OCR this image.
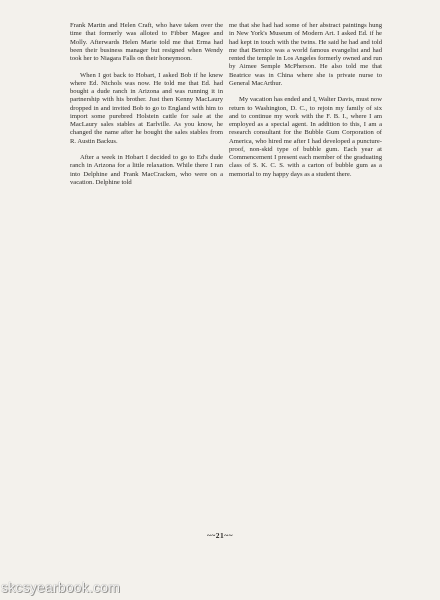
Frank Martin and Helen Craft, who have taken over the time that formerly was alloted to Fibber Magee and Molly. Afterwards Helen Marie told me that Erma had been their business manager but resigned when Wendy took her to Niagara Falls on their honeymoon.

When I got back to Hobart, I asked Bob if he knew where Ed. Nichols was now. He told me that Ed. had bought a dude ranch in Arizona and was running it in partnership with his brother. Just then Kenny MacLaury dropped in and invited Bob to go to England with him to import some purebred Holstein cattle for sale at the MacLaury sales stables at Earlville. As you know, he changed the name after he bought the sales stables from R. Austin Backus.

After a week in Hobart I decided to go to Ed's dude ranch in Arizona for a little relaxation. While there I ran into Delphine and Frank MacCracken, who were on a vacation. Delphine told

me that she had had some of her abstract paintings hung in New York's Museum of Modern Art. I asked Ed. if he had kept in touch with the twins. He said he had and told me that Bernice was a world famous evangelist and had rented the temple in Los Angeles formerly owned and run by Aimee Semple McPherson. He also told me that Beatrice was in China where she is private nurse to General MacArthur.

My vacation has ended and I, Walter Davis, must now return to Washington, D. C., to rejoin my family of six and to continue my work with the F. B. I., where I am employed as a special agent. In addition to this, I am a research consultant for the Bubble Gum Corporation of America, who hired me after I had developed a puncture-proof, non-skid type of bubble gum. Each year at Commencement I present each member of the graduating class of S. K. C. S. with a carton of bubble gum as a memorial to my happy days as a student there.

~~21~~
skcsyearbook.com
